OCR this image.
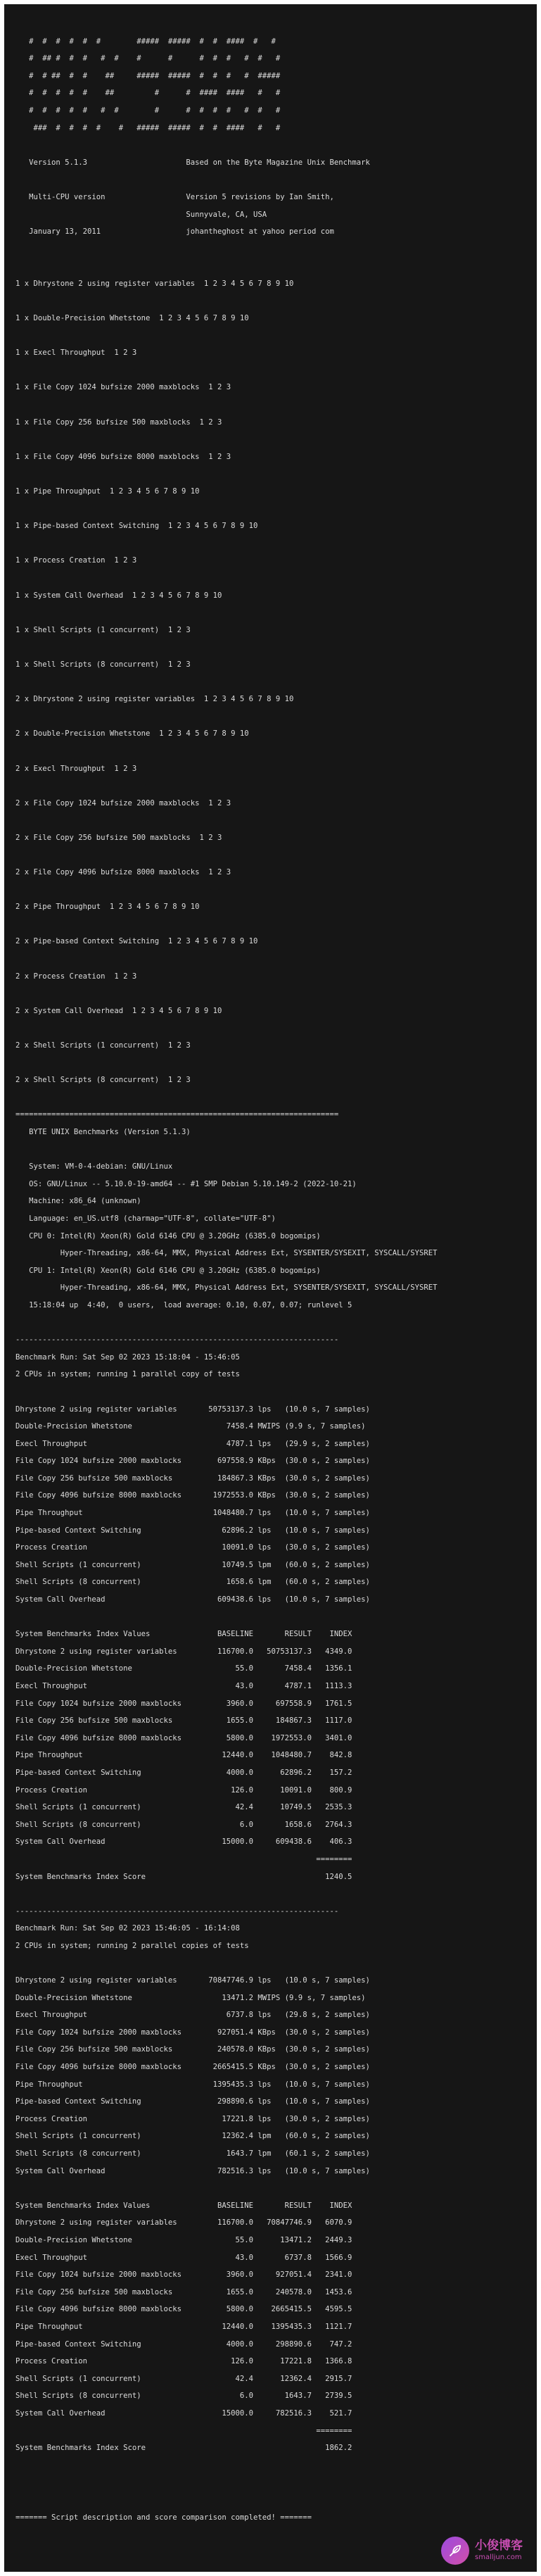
#  #  #  #  #  #        #####  #####  #  #  ####  #   #
#  ## #  #  #   #  #    #      #      #  #  #   #  #   #
#  # ##  #  #    ##     #####  #####  #  #  #   #  #####
#  #  #  #  #    ##         #      #  ####  ####   #   #
#  #  #  #  #   #  #        #      #  #  #  #   #  #   #
###  #  #  #  #    #   #####  #####  #  #  ####   #   #
Version 5.1.3                      Based on the Byte Magazine Unix Benchmark
Multi-CPU version                  Version 5 revisions by Ian Smith,
Sunnyvale, CA, USA
January 13, 2011                   johantheghost at yahoo period com
1 x Dhrystone 2 using register variables  1 2 3 4 5 6 7 8 9 10
1 x Double-Precision Whetstone  1 2 3 4 5 6 7 8 9 10
1 x Execl Throughput  1 2 3
1 x File Copy 1024 bufsize 2000 maxblocks  1 2 3
1 x File Copy 256 bufsize 500 maxblocks  1 2 3
1 x File Copy 4096 bufsize 8000 maxblocks  1 2 3
1 x Pipe Throughput  1 2 3 4 5 6 7 8 9 10
1 x Pipe-based Context Switching  1 2 3 4 5 6 7 8 9 10
1 x Process Creation  1 2 3
1 x System Call Overhead  1 2 3 4 5 6 7 8 9 10
1 x Shell Scripts (1 concurrent)  1 2 3
1 x Shell Scripts (8 concurrent)  1 2 3
2 x Dhrystone 2 using register variables  1 2 3 4 5 6 7 8 9 10
2 x Double-Precision Whetstone  1 2 3 4 5 6 7 8 9 10
2 x Execl Throughput  1 2 3
2 x File Copy 1024 bufsize 2000 maxblocks  1 2 3
2 x File Copy 256 bufsize 500 maxblocks  1 2 3
2 x File Copy 4096 bufsize 8000 maxblocks  1 2 3
2 x Pipe Throughput  1 2 3 4 5 6 7 8 9 10
2 x Pipe-based Context Switching  1 2 3 4 5 6 7 8 9 10
2 x Process Creation  1 2 3
2 x System Call Overhead  1 2 3 4 5 6 7 8 9 10
2 x Shell Scripts (1 concurrent)  1 2 3
2 x Shell Scripts (8 concurrent)  1 2 3
========================================================================
BYTE UNIX Benchmarks (Version 5.1.3)
System: VM-0-4-debian: GNU/Linux
OS: GNU/Linux -- 5.10.0-19-amd64 -- #1 SMP Debian 5.10.149-2 (2022-10-21)
Machine: x86_64 (unknown)
Language: en_US.utf8 (charmap="UTF-8", collate="UTF-8")
CPU 0: Intel(R) Xeon(R) Gold 6146 CPU @ 3.20GHz (6385.0 bogomips)
Hyper-Threading, x86-64, MMX, Physical Address Ext, SYSENTER/SYSEXIT, SYSCALL/SYSRET
CPU 1: Intel(R) Xeon(R) Gold 6146 CPU @ 3.20GHz (6385.0 bogomips)
Hyper-Threading, x86-64, MMX, Physical Address Ext, SYSENTER/SYSEXIT, SYSCALL/SYSRET
15:18:04 up  4:40,  0 users,  load average: 0.10, 0.07, 0.07; runlevel 5
------------------------------------------------------------------------
Benchmark Run: Sat Sep 02 2023 15:18:04 - 15:46:05
2 CPUs in system; running 1 parallel copy of tests
Dhrystone 2 using register variables       50753137.3 lps   (10.0 s, 7 samples)
Double-Precision Whetstone                     7458.4 MWIPS (9.9 s, 7 samples)
Execl Throughput                               4787.1 lps   (29.9 s, 2 samples)
File Copy 1024 bufsize 2000 maxblocks        697558.9 KBps  (30.0 s, 2 samples)
File Copy 256 bufsize 500 maxblocks          184867.3 KBps  (30.0 s, 2 samples)
File Copy 4096 bufsize 8000 maxblocks       1972553.0 KBps  (30.0 s, 2 samples)
Pipe Throughput                             1048480.7 lps   (10.0 s, 7 samples)
Pipe-based Context Switching                  62896.2 lps   (10.0 s, 7 samples)
Process Creation                              10091.0 lps   (30.0 s, 2 samples)
Shell Scripts (1 concurrent)                  10749.5 lpm   (60.0 s, 2 samples)
Shell Scripts (8 concurrent)                   1658.6 lpm   (60.0 s, 2 samples)
System Call Overhead                         609438.6 lps   (10.0 s, 7 samples)
System Benchmarks Index Values               BASELINE       RESULT    INDEX
Dhrystone 2 using register variables         116700.0   50753137.3   4349.0
Double-Precision Whetstone                       55.0       7458.4   1356.1
Execl Throughput                                 43.0       4787.1   1113.3
File Copy 1024 bufsize 2000 maxblocks          3960.0     697558.9   1761.5
File Copy 256 bufsize 500 maxblocks            1655.0     184867.3   1117.0
File Copy 4096 bufsize 8000 maxblocks          5800.0    1972553.0   3401.0
Pipe Throughput                               12440.0    1048480.7    842.8
Pipe-based Context Switching                   4000.0      62896.2    157.2
Process Creation                                126.0      10091.0    800.9
Shell Scripts (1 concurrent)                     42.4      10749.5   2535.3
Shell Scripts (8 concurrent)                      6.0       1658.6   2764.3
System Call Overhead                          15000.0     609438.6    406.3
========
System Benchmarks Index Score                                        1240.5
------------------------------------------------------------------------
Benchmark Run: Sat Sep 02 2023 15:46:05 - 16:14:08
2 CPUs in system; running 2 parallel copies of tests
Dhrystone 2 using register variables       70847746.9 lps   (10.0 s, 7 samples)
Double-Precision Whetstone                    13471.2 MWIPS (9.9 s, 7 samples)
Execl Throughput                               6737.8 lps   (29.8 s, 2 samples)
File Copy 1024 bufsize 2000 maxblocks        927051.4 KBps  (30.0 s, 2 samples)
File Copy 256 bufsize 500 maxblocks          240578.0 KBps  (30.0 s, 2 samples)
File Copy 4096 bufsize 8000 maxblocks       2665415.5 KBps  (30.0 s, 2 samples)
Pipe Throughput                             1395435.3 lps   (10.0 s, 7 samples)
Pipe-based Context Switching                 298890.6 lps   (10.0 s, 7 samples)
Process Creation                              17221.8 lps   (30.0 s, 2 samples)
Shell Scripts (1 concurrent)                  12362.4 lpm   (60.0 s, 2 samples)
Shell Scripts (8 concurrent)                   1643.7 lpm   (60.1 s, 2 samples)
System Call Overhead                         782516.3 lps   (10.0 s, 7 samples)
System Benchmarks Index Values               BASELINE       RESULT    INDEX
Dhrystone 2 using register variables         116700.0   70847746.9   6070.9
Double-Precision Whetstone                       55.0      13471.2   2449.3
Execl Throughput                                 43.0       6737.8   1566.9
File Copy 1024 bufsize 2000 maxblocks          3960.0     927051.4   2341.0
File Copy 256 bufsize 500 maxblocks            1655.0     240578.0   1453.6
File Copy 4096 bufsize 8000 maxblocks          5800.0    2665415.5   4595.5
Pipe Throughput                               12440.0    1395435.3   1121.7
Pipe-based Context Switching                   4000.0     298890.6    747.2
Process Creation                                126.0      17221.8   1366.8
Shell Scripts (1 concurrent)                     42.4      12362.4   2915.7
Shell Scripts (8 concurrent)                      6.0       1643.7   2739.5
System Call Overhead                          15000.0     782516.3    521.7
========
System Benchmarks Index Score                                        1862.2
======= Script description and score comparison completed! =======
小俊博客
smalljun.com
